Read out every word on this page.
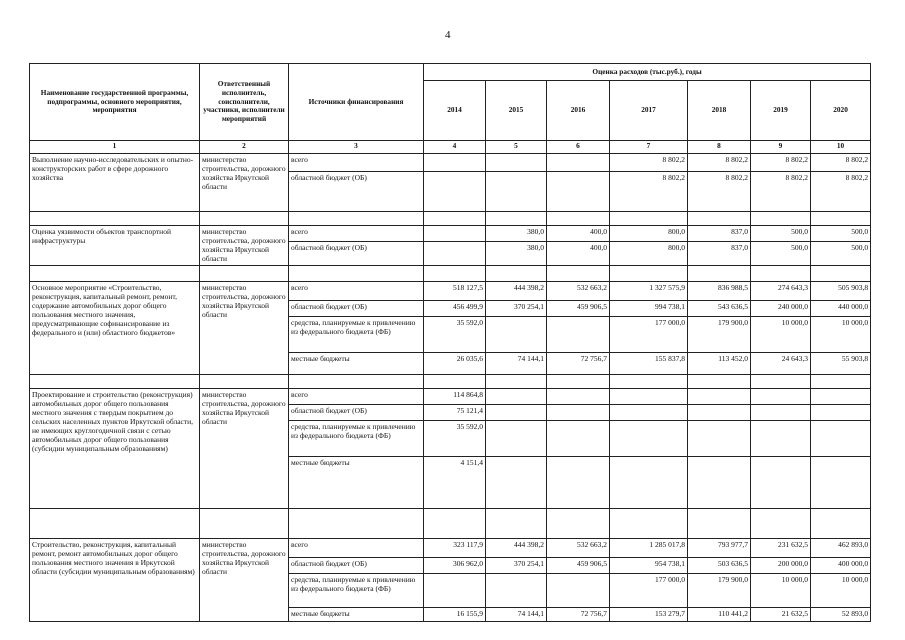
4
Наименование государственной программы, подпрограммы, основного мероприятия, мероприятия	Ответственный исполнитель, соисполнители, участники, исполнители мероприятий	Источники финансирования	Оценка расходов (тыс.руб.), годы						
			2014	2015	2016	2017	2018	2019	2020
1	2	3	4	5	6	7	8	9	10
Выполнение научно-исследовательских и опытно-конструкторских работ в сфере дорожного хозяйства	министерство строительства, дорожного хозяйства Иркутской области	всего				8 802,2	8 802,2	8 802,2	8 802,2
		областной бюджет (ОБ)				8 802,2	8 802,2	8 802,2	8 802,2

Оценка уязвимости объектов транспортной инфраструктуры	министерство строительства, дорожного хозяйства Иркутской области	всего		380,0	400,0	800,0	837,0	500,0	500,0
		областной бюджет (ОБ)		380,0	400,0	800,0	837,0	500,0	500,0

Основное мероприятие «Строительство, реконструкция, капитальный ремонт, ремонт, содержание автомобильных дорог общего пользования местного значения, предусматривающие софинансирование из федерального и (или) областного бюджетов»	министерство строительства, дорожного хозяйства Иркутской области	всего	518 127,5	444 398,2	532 663,2	1 327 575,9	836 988,5	274 643,3	505 903,8
		областной бюджет (ОБ)	456 499,9	370 254,1	459 906,5	994 738,1	543 636,5	240 000,0	440 000,0
		средства, планируемые к привлечению из федерального бюджета (ФБ)	35 592,0			177 000,0	179 900,0	10 000,0	10 000,0
		местные бюджеты	26 035,6	74 144,1	72 756,7	155 837,8	113 452,0	24 643,3	55 903,8

Проектирование и строительство (реконструкция) автомобильных дорог общего пользования местного значения с твердым покрытием до сельских населенных пунктов Иркутской области, не имеющих круглогодичной связи с сетью автомобильных дорог общего пользования (субсидии муниципальным образованиям)	министерство строительства, дорожного хозяйства Иркутской области	всего	114 864,8						
		областной бюджет (ОБ)	75 121,4						
		средства, планируемые к привлечению из федерального бюджета (ФБ)	35 592,0						
		местные бюджеты	4 151,4						

Строительство, реконструкция, капитальный ремонт, ремонт автомобильных дорог общего пользования местного значения в Иркутской области (субсидии муниципальным образованиям)	министерство строительства, дорожного хозяйства Иркутской области	всего	323 117,9	444 398,2	532 663,2	1 285 017,8	793 977,7	231 632,5	462 893,0
		областной бюджет (ОБ)	306 962,0	370 254,1	459 906,5	954 738,1	503 636,5	200 000,0	400 000,0
		средства, планируемые к привлечению из федерального бюджета (ФБ)				177 000,0	179 900,0	10 000,0	10 000,0
		местные бюджеты	16 155,9	74 144,1	72 756,7	153 279,7	110 441,2	21 632,5	52 893,0
